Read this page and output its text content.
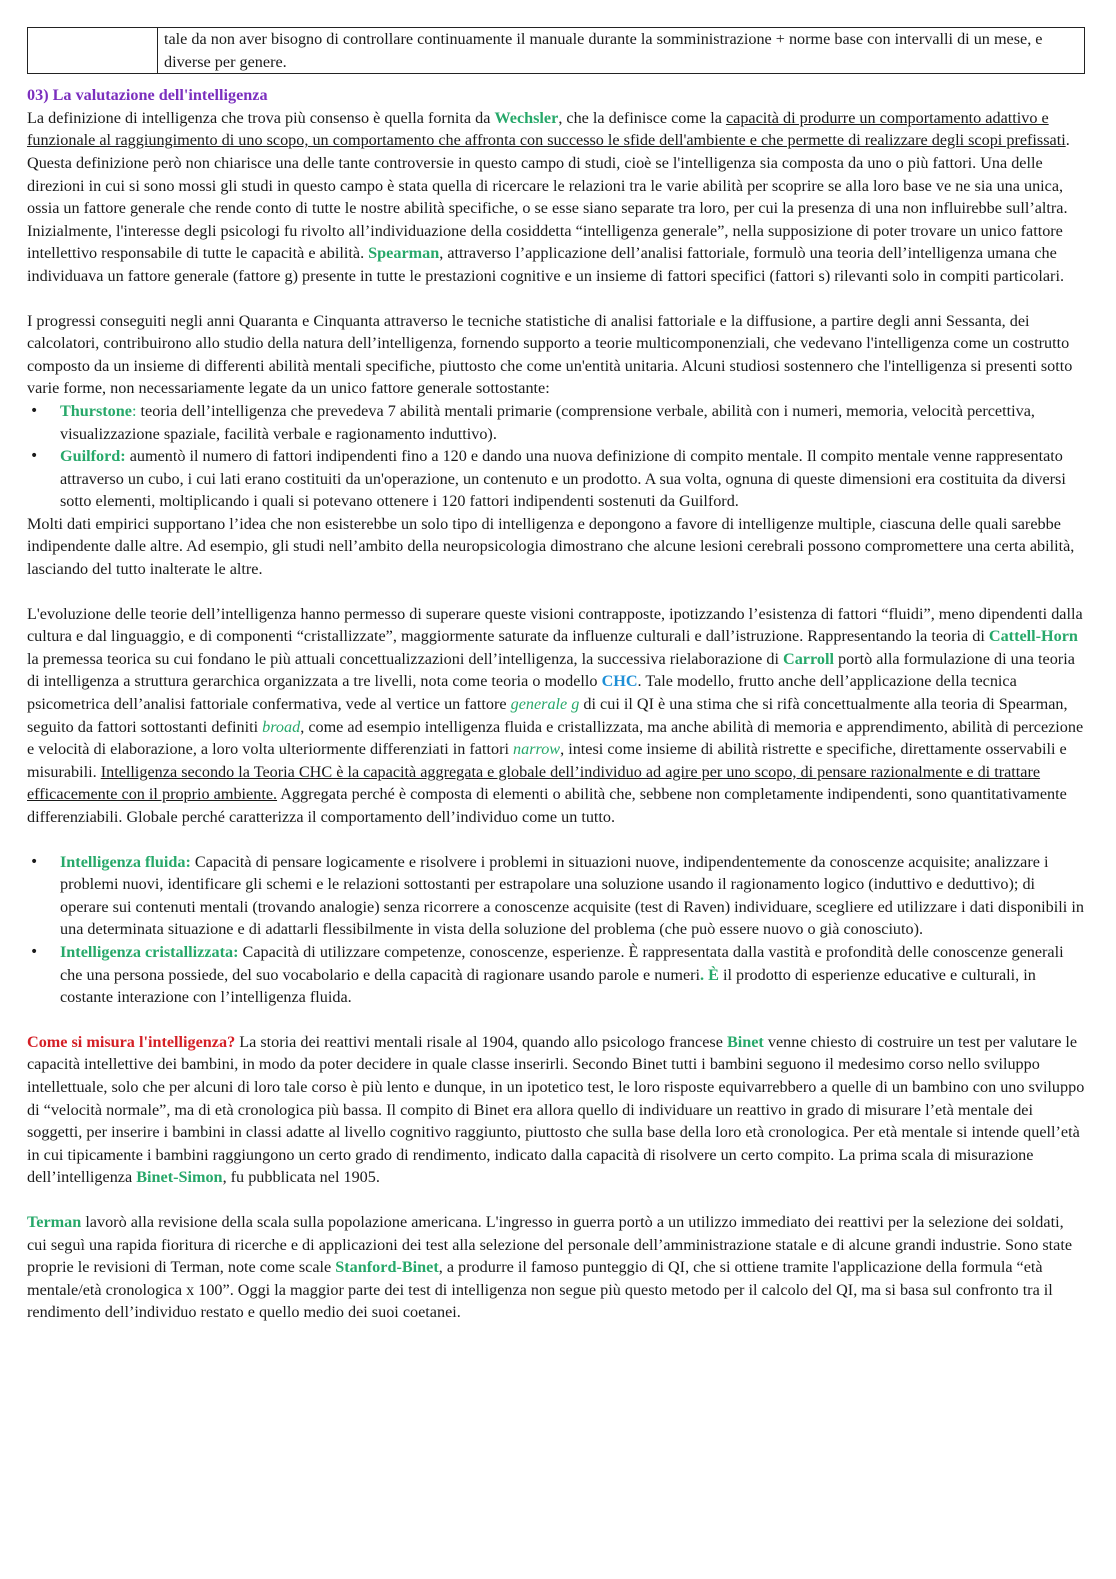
	tale da non aver bisogno di controllare continuamente il manuale durante la somministrazione + norme base con intervalli di un mese, e diverse per genere.
03) La valutazione dell'intelligenza

La definizione di intelligenza che trova più consenso è quella fornita da Wechsler, che la definisce come la capacità di produrre un comportamento adattivo e funzionale al raggiungimento di uno scopo, un comportamento che affronta con successo le sfide dell'ambiente e che permette di realizzare degli scopi prefissati. Questa definizione però non chiarisce una delle tante controversie in questo campo di studi, cioè se l'intelligenza sia composta da uno o più fattori. Una delle direzioni in cui si sono mossi gli studi in questo campo è stata quella di ricercare le relazioni tra le varie abilità per scoprire se alla loro base ve ne sia una unica, ossia un fattore generale che rende conto di tutte le nostre abilità specifiche, o se esse siano separate tra loro, per cui la presenza di una non influirebbe sull’altra. Inizialmente, l'interesse degli psicologi fu rivolto all’individuazione della cosiddetta “intelligenza generale”, nella supposizione di poter trovare un unico fattore intellettivo responsabile di tutte le capacità e abilità. Spearman, attraverso l’applicazione dell’analisi fattoriale, formulò una teoria dell’intelligenza umana che individuava un fattore generale (fattore g) presente in tutte le prestazioni cognitive e un insieme di fattori specifici (fattori s) rilevanti solo in compiti particolari.

I progressi conseguiti negli anni Quaranta e Cinquanta attraverso le tecniche statistiche di analisi fattoriale e la diffusione, a partire degli anni Sessanta, dei calcolatori, contribuirono allo studio della natura dell’intelligenza, fornendo supporto a teorie multicomponenziali, che vedevano l'intelligenza come un costrutto composto da un insieme di differenti abilità mentali specifiche, piuttosto che come un'entità unitaria. Alcuni studiosi sostennero che l'intelligenza si presenti sotto varie forme, non necessariamente legate da un unico fattore generale sottostante:

• Thurstone: teoria dell’intelligenza che prevedeva 7 abilità mentali primarie (comprensione verbale, abilità con i numeri, memoria, velocità percettiva, visualizzazione spaziale, facilità verbale e ragionamento induttivo).
• Guilford: aumentò il numero di fattori indipendenti fino a 120 e dando una nuova definizione di compito mentale. Il compito mentale venne rappresentato attraverso un cubo, i cui lati erano costituiti da un'operazione, un contenuto e un prodotto. A sua volta, ognuna di queste dimensioni era costituita da diversi sotto elementi, moltiplicando i quali si potevano ottenere i 120 fattori indipendenti sostenuti da Guilford.

Molti dati empirici supportano l’idea che non esisterebbe un solo tipo di intelligenza e depongono a favore di intelligenze multiple, ciascuna delle quali sarebbe indipendente dalle altre. Ad esempio, gli studi nell’ambito della neuropsicologia dimostrano che alcune lesioni cerebrali possono compromettere una certa abilità, lasciando del tutto inalterate le altre.

L'evoluzione delle teorie dell’intelligenza hanno permesso di superare queste visioni contrapposte, ipotizzando l’esistenza di fattori “fluidi”, meno dipendenti dalla cultura e dal linguaggio, e di componenti “cristallizzate”, maggiormente saturate da influenze culturali e dall’istruzione. Rappresentando la teoria di Cattell-Horn la premessa teorica su cui fondano le più attuali concettualizzazioni dell’intelligenza, la successiva rielaborazione di Carroll portò alla formulazione di una teoria di intelligenza a struttura gerarchica organizzata a tre livelli, nota come teoria o modello CHC. Tale modello, frutto anche dell’applicazione della tecnica psicometrica dell’analisi fattoriale confermativa, vede al vertice un fattore generale g di cui il QI è una stima che si rifà concettualmente alla teoria di Spearman, seguito da fattori sottostanti definiti broad, come ad esempio intelligenza fluida e cristallizzata, ma anche abilità di memoria e apprendimento, abilità di percezione e velocità di elaborazione, a loro volta ulteriormente differenziati in fattori narrow, intesi come insieme di abilità ristrette e specifiche, direttamente osservabili e misurabili. Intelligenza secondo la Teoria CHC è la capacità aggregata e globale dell’individuo ad agire per uno scopo, di pensare razionalmente e di trattare efficacemente con il proprio ambiente. Aggregata perché è composta di elementi o abilità che, sebbene non completamente indipendenti, sono quantitativamente differenziabili. Globale perché caratterizza il comportamento dell’individuo come un tutto.

• Intelligenza fluida: Capacità di pensare logicamente e risolvere i problemi in situazioni nuove, indipendentemente da conoscenze acquisite; analizzare i problemi nuovi, identificare gli schemi e le relazioni sottostanti per estrapolare una soluzione usando il ragionamento logico (induttivo e deduttivo); di operare sui contenuti mentali (trovando analogie) senza ricorrere a conoscenze acquisite (test di Raven) individuare, scegliere ed utilizzare i dati disponibili in una determinata situazione e di adattarli flessibilmente in vista della soluzione del problema (che può essere nuovo o già conosciuto).
• Intelligenza cristallizzata: Capacità di utilizzare competenze, conoscenze, esperienze. È rappresentata dalla vastità e profondità delle conoscenze generali che una persona possiede, del suo vocabolario e della capacità di ragionare usando parole e numeri. È il prodotto di esperienze educative e culturali, in costante interazione con l’intelligenza fluida.

Come si misura l'intelligenza? La storia dei reattivi mentali risale al 1904, quando allo psicologo francese Binet venne chiesto di costruire un test per valutare le capacità intellettive dei bambini, in modo da poter decidere in quale classe inserirli. Secondo Binet tutti i bambini seguono il medesimo corso nello sviluppo intellettuale, solo che per alcuni di loro tale corso è più lento e dunque, in un ipotetico test, le loro risposte equivarrebbero a quelle di un bambino con uno sviluppo di “velocità normale”, ma di età cronologica più bassa. Il compito di Binet era allora quello di individuare un reattivo in grado di misurare l’età mentale dei soggetti, per inserire i bambini in classi adatte al livello cognitivo raggiunto, piuttosto che sulla base della loro età cronologica. Per età mentale si intende quell’età in cui tipicamente i bambini raggiungono un certo grado di rendimento, indicato dalla capacità di risolvere un certo compito. La prima scala di misurazione dell’intelligenza Binet-Simon, fu pubblicata nel 1905.

Terman lavorò alla revisione della scala sulla popolazione americana. L'ingresso in guerra portò a un utilizzo immediato dei reattivi per la selezione dei soldati, cui seguì una rapida fioritura di ricerche e di applicazioni dei test alla selezione del personale dell’amministrazione statale e di alcune grandi industrie. Sono state proprie le revisioni di Terman, note come scale Stanford-Binet, a produrre il famoso punteggio di QI, che si ottiene tramite l'applicazione della formula “età mentale/età cronologica x 100”. Oggi la maggior parte dei test di intelligenza non segue più questo metodo per il calcolo del QI, ma si basa sul confronto tra il rendimento dell’individuo restato e quello medio dei suoi coetanei.
